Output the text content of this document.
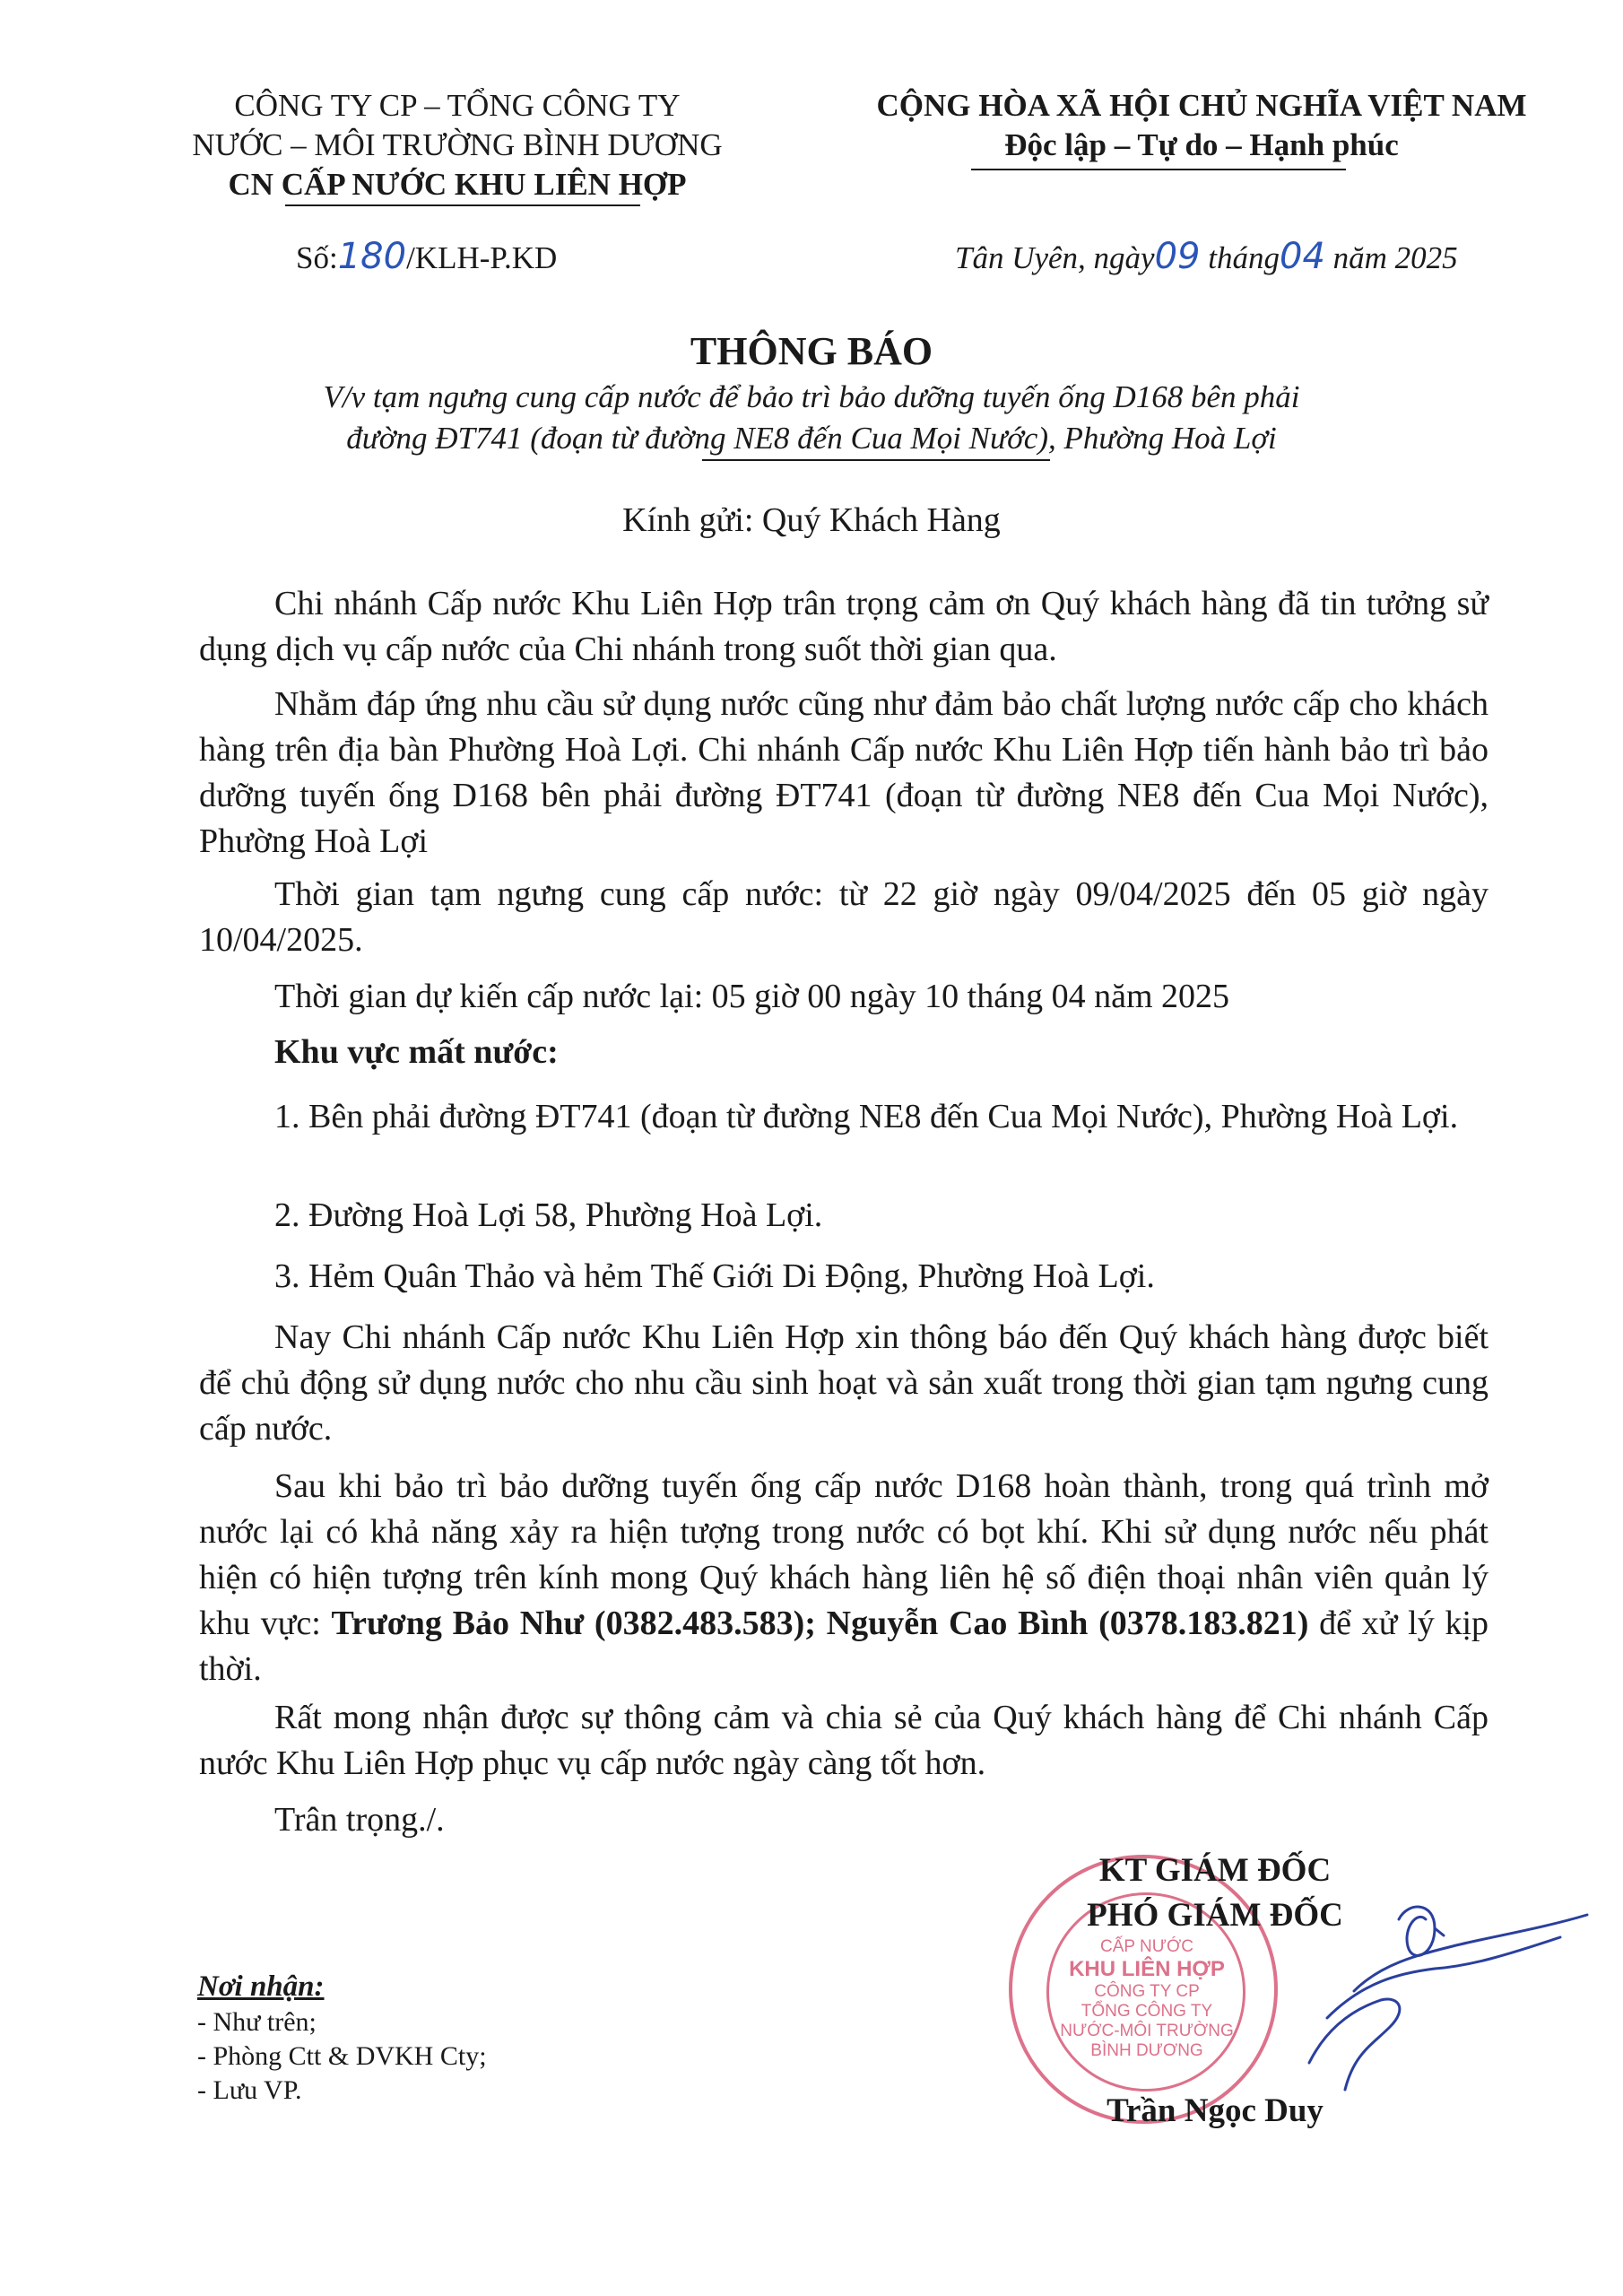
CÔNG TY CP – TỔNG CÔNG TY
NƯỚC – MÔI TRƯỜNG BÌNH DƯƠNG
CN CẤP NƯỚC KHU LIÊN HỢP
CỘNG HÒA XÃ HỘI CHỦ NGHĨA VIỆT NAM
Độc lập – Tự do – Hạnh phúc
Số:180/KLH-P.KD	Tân Uyên, ngày09 tháng04 năm 2025
THÔNG BÁO
V/v tạm ngưng cung cấp nước để bảo trì bảo dưỡng tuyến ống D168 bên phải
đường ĐT741 (đoạn từ đường NE8 đến Cua Mọi Nước), Phường Hoà Lợi
Kính gửi: Quý Khách Hàng
Chi nhánh Cấp nước Khu Liên Hợp trân trọng cảm ơn Quý khách hàng đã tin tưởng sử dụng dịch vụ cấp nước của Chi nhánh trong suốt thời gian qua.
Nhằm đáp ứng nhu cầu sử dụng nước cũng như đảm bảo chất lượng nước cấp cho khách hàng trên địa bàn Phường Hoà Lợi. Chi nhánh Cấp nước Khu Liên Hợp tiến hành bảo trì bảo dưỡng tuyến ống D168 bên phải đường ĐT741 (đoạn từ đường NE8 đến Cua Mọi Nước), Phường Hoà Lợi
Thời gian tạm ngưng cung cấp nước: từ 22 giờ ngày 09/04/2025 đến 05 giờ ngày 10/04/2025.
Thời gian dự kiến cấp nước lại: 05 giờ 00 ngày 10 tháng 04 năm 2025
Khu vực mất nước:
1. Bên phải đường ĐT741 (đoạn từ đường NE8 đến Cua Mọi Nước), Phường Hoà Lợi.
2. Đường Hoà Lợi 58, Phường Hoà Lợi.
3. Hẻm Quân Thảo và hẻm Thế Giới Di Động, Phường Hoà Lợi.
Nay Chi nhánh Cấp nước Khu Liên Hợp xin thông báo đến Quý khách hàng được biết để chủ động sử dụng nước cho nhu cầu sinh hoạt và sản xuất trong thời gian tạm ngưng cung cấp nước.
Sau khi bảo trì bảo dưỡng tuyến ống cấp nước D168 hoàn thành, trong quá trình mở nước lại có khả năng xảy ra hiện tượng trong nước có bọt khí. Khi sử dụng nước nếu phát hiện có hiện tượng trên kính mong Quý khách hàng liên hệ số điện thoại nhân viên quản lý khu vực: Trương Bảo Như (0382.483.583); Nguyễn Cao Bình (0378.183.821) để xử lý kịp thời.
Rất mong nhận được sự thông cảm và chia sẻ của Quý khách hàng để Chi nhánh Cấp nước Khu Liên Hợp phục vụ cấp nước ngày càng tốt hơn.
Trân trọng./.
Nơi nhận:
- Như trên;
- Phòng Ctt & DVKH Cty;
- Lưu VP.
CẤP NƯỚC
KHU LIÊN HỢP
CÔNG TY CP
TỔNG CÔNG TY
NƯỚC-MÔI TRƯỜNG
BÌNH DƯƠNG
KT GIÁM ĐỐC
PHÓ GIÁM ĐỐC
Trần Ngọc Duy
